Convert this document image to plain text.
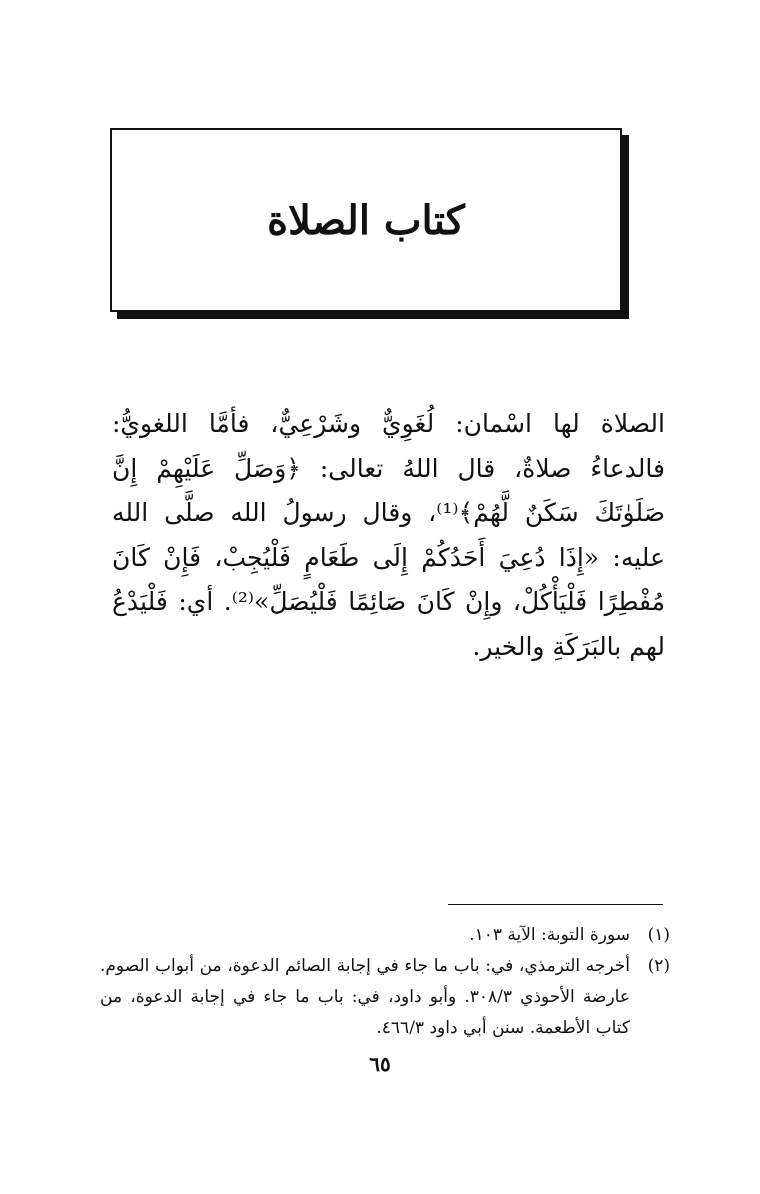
كتاب الصلاة

الصلاة لها اسْمان: لُغَوِيٌّ وشَرْعِيٌّ، فأمَّا اللغويُّ: فالدعاءُ صلاةٌ، قال اللهُ تعالى: ﴿وَصَلِّ عَلَيْهِمْ إِنَّ صَلَوٰتَكَ سَكَنٌ لَّهُمْ﴾⁽¹⁾، وقال رسولُ الله صلَّى الله عليه: «إِذَا دُعِيَ أَحَدُكُمْ إِلَى طَعَامٍ فَلْيُجِبْ، فَإِنْ كَانَ مُفْطِرًا فَلْيَأْكُلْ، وإِنْ كَانَ صَائِمًا فَلْيُصَلِّ»⁽²⁾. أي: فَلْيَدْعُ لهم بالبَرَكَةِ والخير.

(١)
سورة التوبة: الآية ١٠٣.
(٢)
أخرجه الترمذي، في: باب ما جاء في إجابة الصائم الدعوة، من أبواب الصوم. عارضة الأحوذي ٣٠٨/٣. وأبو داود، في: باب ما جاء في إجابة الدعوة، من كتاب الأطعمة. سنن أبي داود ٤٦٦/٣.
٦٥
